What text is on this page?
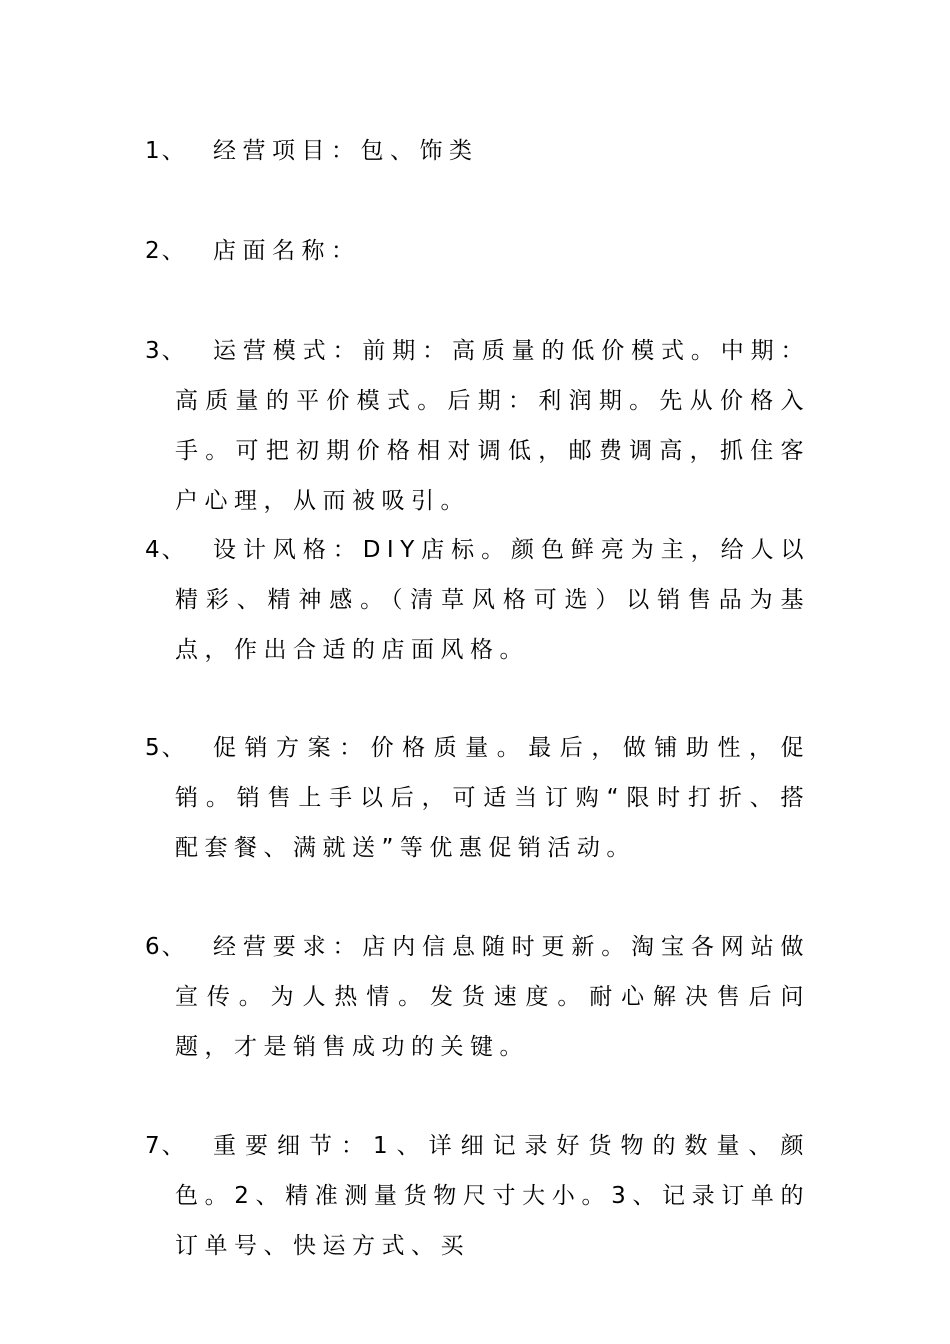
1、	经营项目：包、饰类
2、	店面名称：
3、	运营模式：前期：高质量的低价模式。中期：高质量的平价模式。后期：利润期。先从价格入手。可把初期价格相对调低，邮费调高，抓住客户心理，从而被吸引。
4、	设计风格：DIY店标。颜色鲜亮为主，给人以精彩、精神感。（清草风格可选）以销售品为基点，作出合适的店面风格。
5、	促销方案：价格质量。最后，做铺助性，促销。销售上手以后，可适当订购“限时打折、搭配套餐、满就送”等优惠促销活动。
6、	经营要求：店内信息随时更新。淘宝各网站做宣传。为人热情。发货速度。耐心解决售后问题，才是销售成功的关键。
7、	重要细节：1、详细记录好货物的数量、颜色。2、精准测量货物尺寸大小。3、记录订单的订单号、快运方式、买
